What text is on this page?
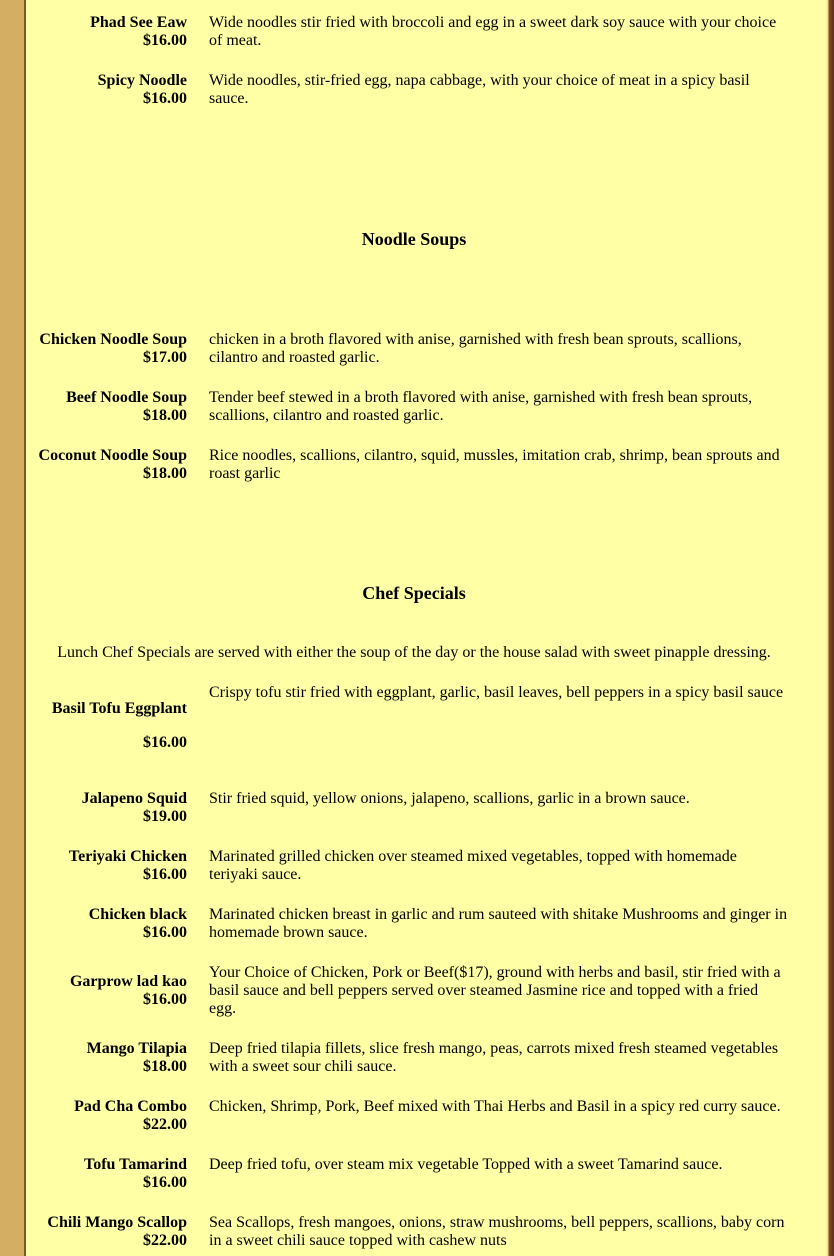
Phad See Eaw
$16.00
Wide noodles stir fried with broccoli and egg in a sweet dark soy sauce with your choice of meat.
Spicy Noodle
$16.00
Wide noodles, stir-fried egg, napa cabbage, with your choice of meat in a spicy basil sauce.
Noodle Soups
Chicken Noodle Soup
$17.00
chicken in a broth flavored with anise, garnished with fresh bean sprouts, scallions, cilantro and roasted garlic.
Beef Noodle Soup
$18.00
Tender beef stewed in a broth flavored with anise, garnished with fresh bean sprouts, scallions, cilantro and roasted garlic.
Coconut Noodle Soup
$18.00
Rice noodles, scallions, cilantro, squid, mussles, imitation crab, shrimp, bean sprouts and roast garlic
Chef Specials
Lunch Chef Specials are served with either the soup of the day or the house salad with sweet pinapple dressing.
Basil Tofu Eggplant
$16.00
Crispy tofu stir fried with eggplant, garlic, basil leaves, bell peppers in a spicy basil sauce
Jalapeno Squid
$19.00
Stir fried squid, yellow onions, jalapeno, scallions, garlic in a brown sauce.
Teriyaki Chicken
$16.00
Marinated grilled chicken over steamed mixed vegetables, topped with homemade teriyaki sauce.
Chicken black
$16.00
Marinated chicken breast in garlic and rum sauteed with shitake Mushrooms and ginger in homemade brown sauce.
Garprow lad kao
$16.00
Your Choice of Chicken, Pork or Beef($17), ground with herbs and basil, stir fried with a basil sauce and bell peppers served over steamed Jasmine rice and topped with a fried egg.
Mango Tilapia
$18.00
Deep fried tilapia fillets, slice fresh mango, peas, carrots mixed fresh steamed vegetables with a sweet sour chili sauce.
Pad Cha Combo
$22.00
Chicken, Shrimp, Pork, Beef mixed with Thai Herbs and Basil in a spicy red curry sauce.
Tofu Tamarind
$16.00
Deep fried tofu, over steam mix vegetable Topped with a sweet Tamarind sauce.
Chili Mango Scallop
$22.00
Sea Scallops, fresh mangoes, onions, straw mushrooms, bell peppers, scallions, baby corn in a sweet chili sauce topped with cashew nuts
